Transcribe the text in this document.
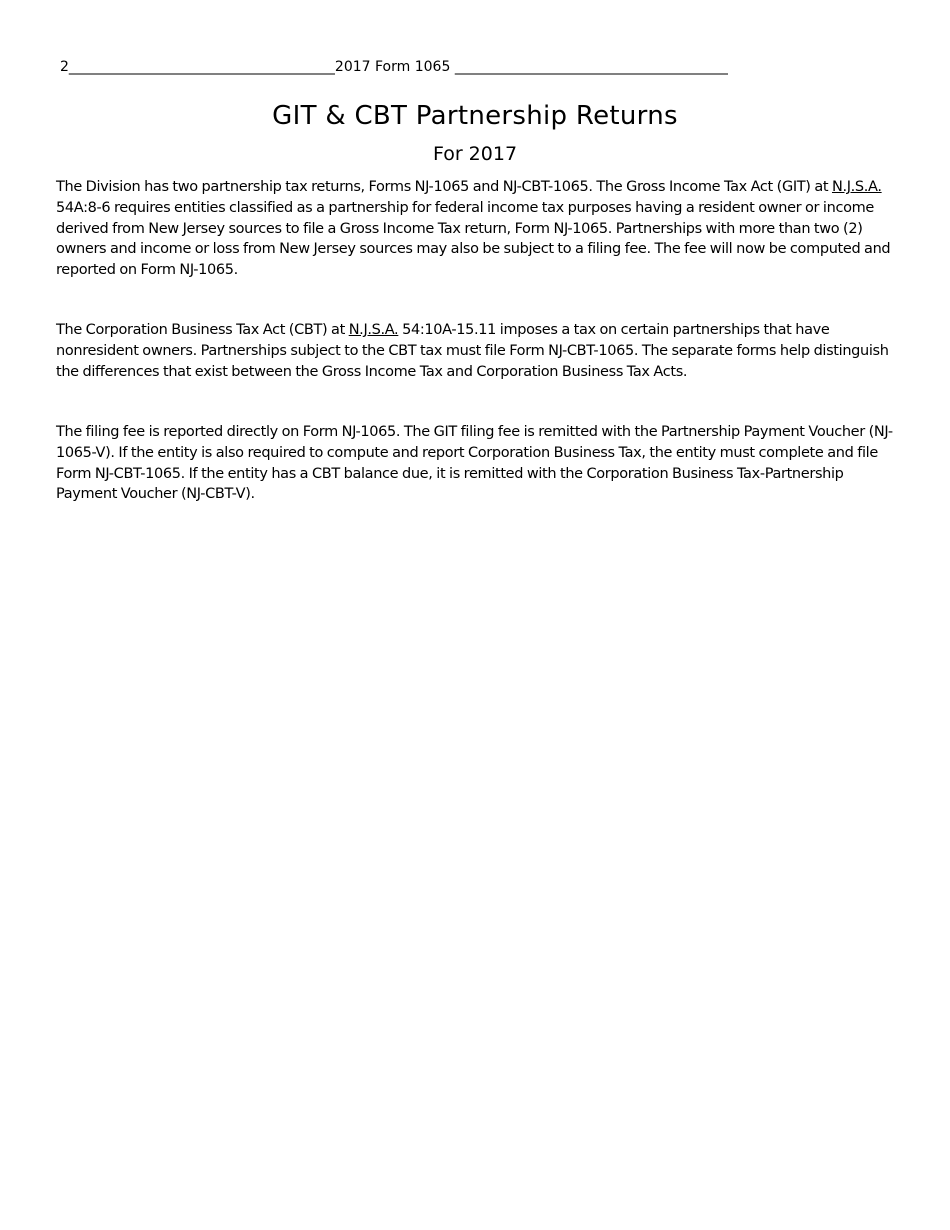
2______________________________________2017 Form 1065 _______________________________________
GIT & CBT Partnership Returns
For 2017

The Division has two partnership tax returns, Forms NJ-1065 and NJ-CBT-1065. The Gross Income Tax Act (GIT) at N.J.S.A. 54A:8-6 requires entities classified as a partnership for federal income tax purposes having a resident owner or income derived from New Jersey sources to file a Gross Income Tax return, Form NJ-1065. Partnerships with more than two (2) owners and income or loss from New Jersey sources may also be subject to a filing fee. The fee will now be computed and reported on Form NJ-1065.

The Corporation Business Tax Act (CBT) at N.J.S.A. 54:10A-15.11 imposes a tax on certain partnerships that have nonresident owners. Partnerships subject to the CBT tax must file Form NJ-CBT-1065. The separate forms help distinguish the differences that exist between the Gross Income Tax and Corporation Business Tax Acts.

The filing fee is reported directly on Form NJ-1065. The GIT filing fee is remitted with the Partnership Payment Voucher (NJ-1065-V). If the entity is also required to compute and report Corporation Business Tax, the entity must complete and file Form NJ-CBT-1065. If the entity has a CBT balance due, it is remitted with the Corporation Business Tax-Partnership Payment Voucher (NJ-CBT-V).
